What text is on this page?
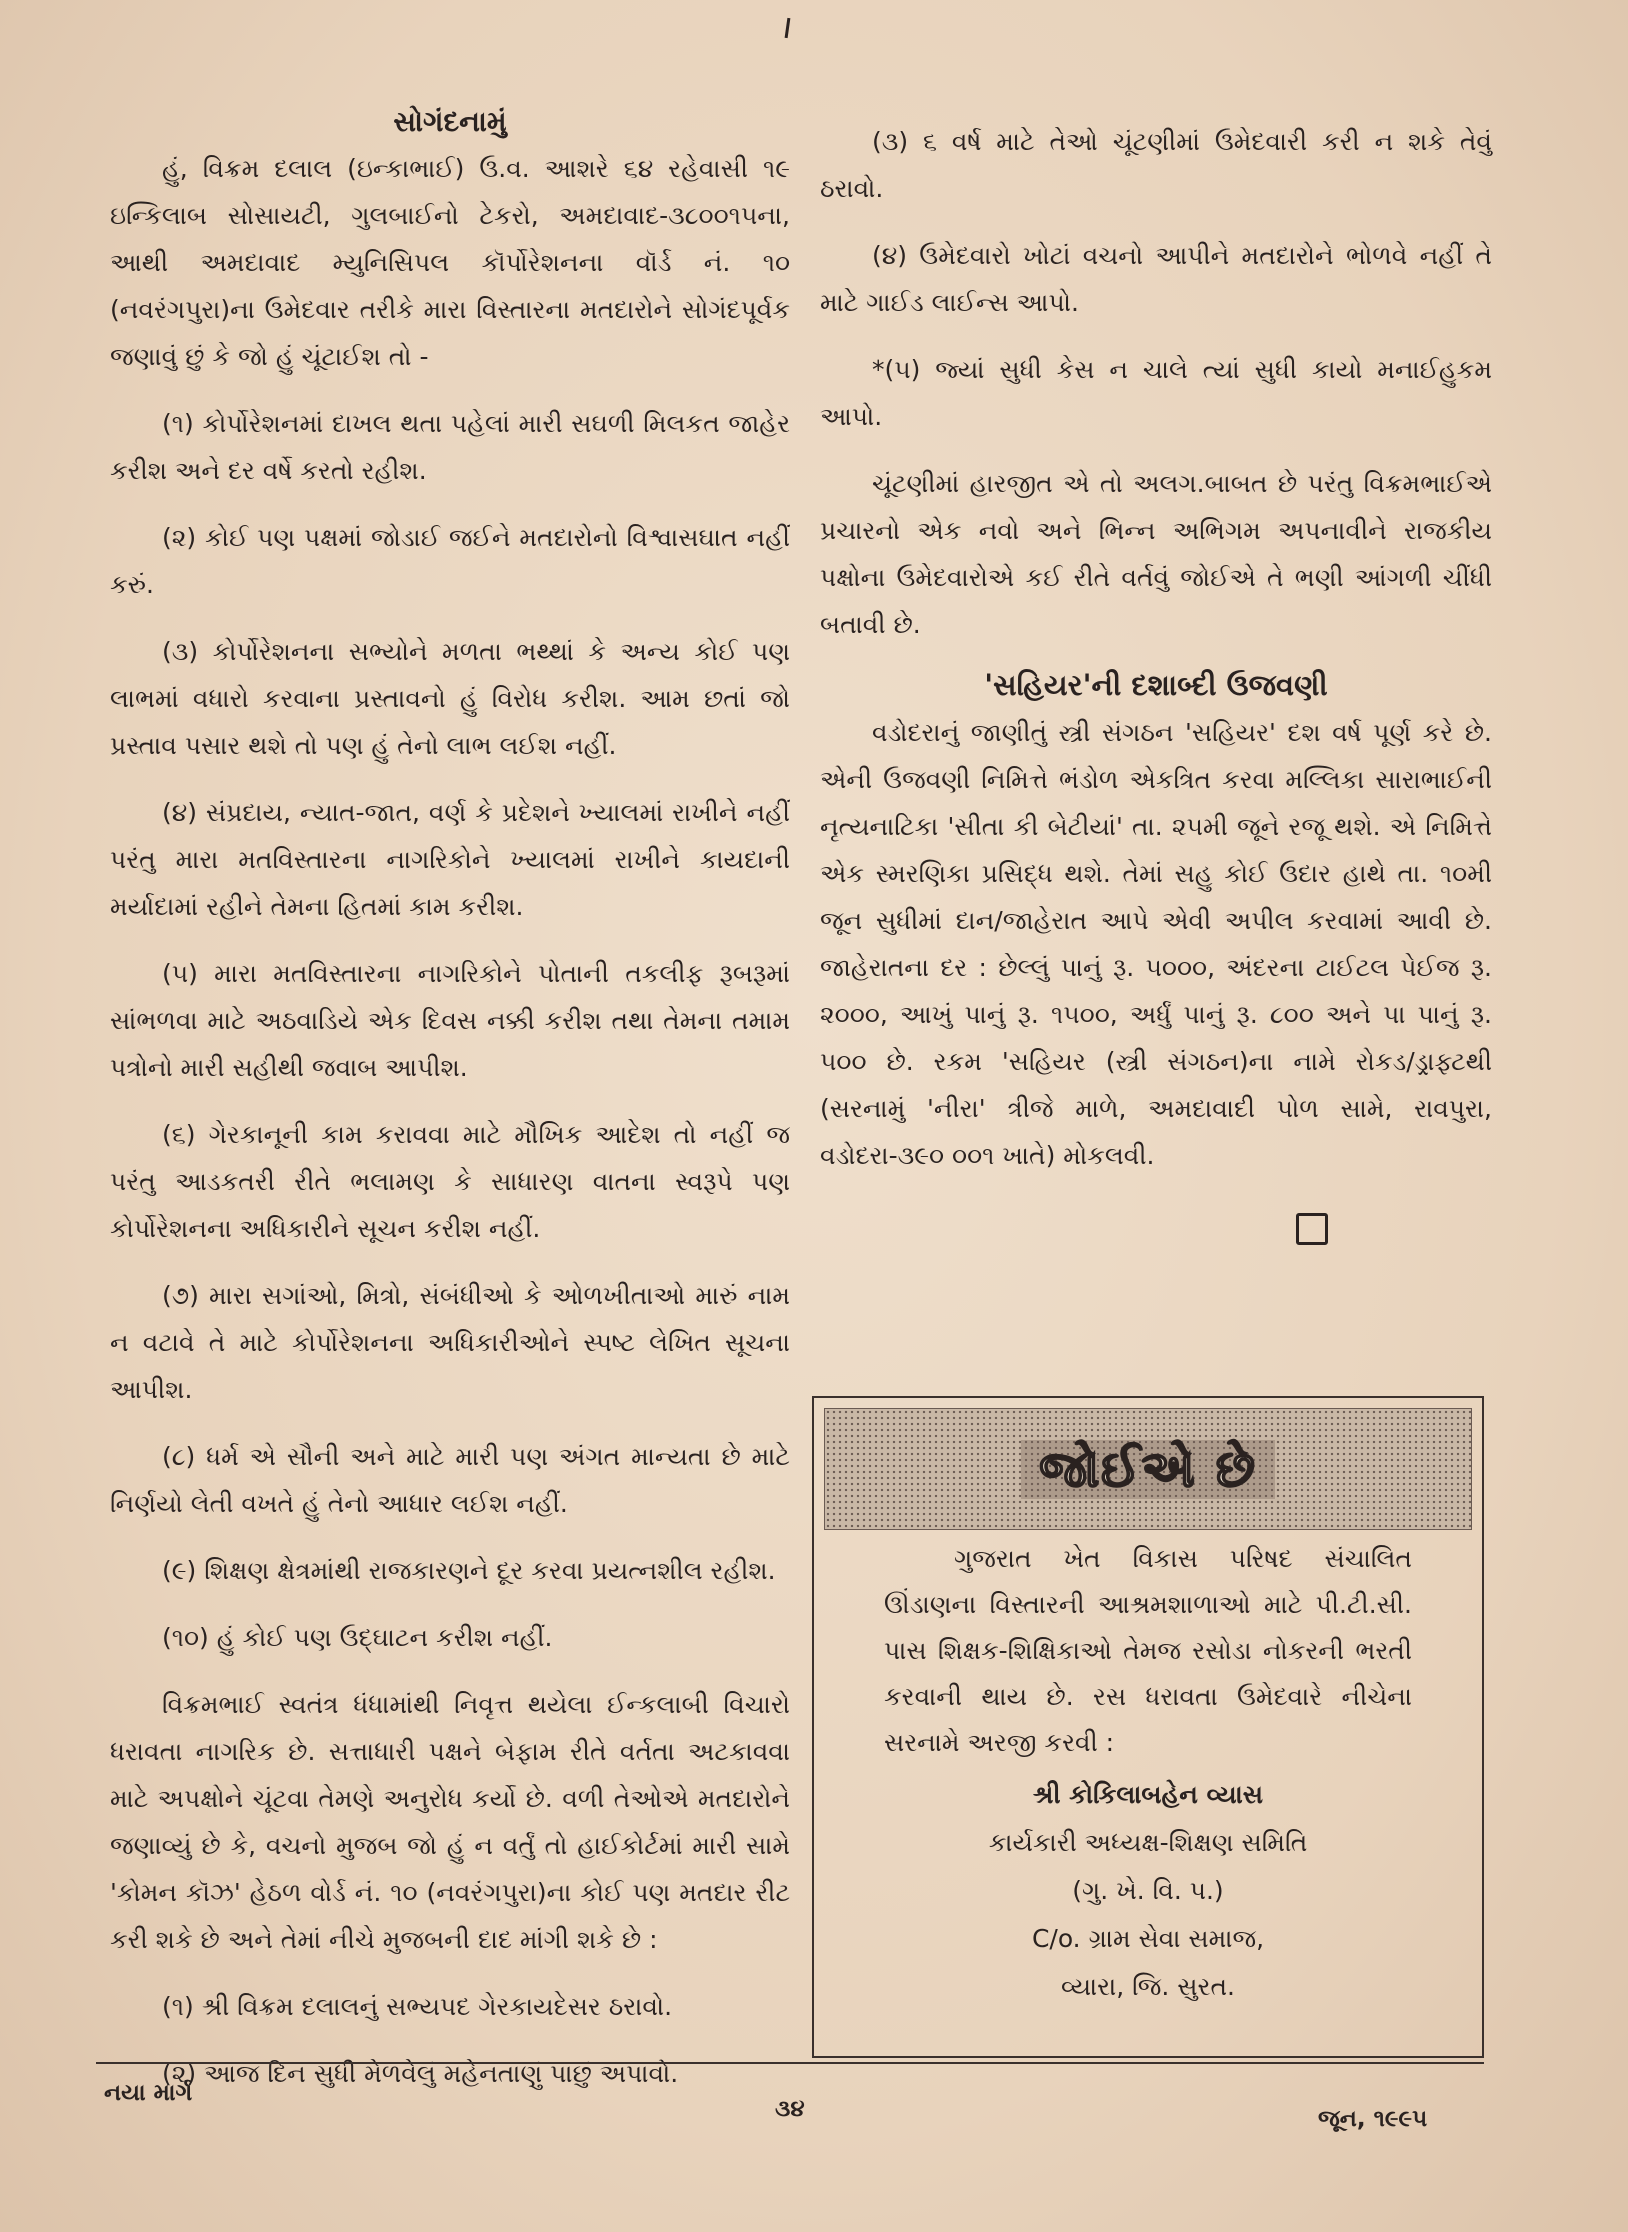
સોગંદનામું

હું, વિક્રમ દલાલ (ઇન્કાભાઈ) ઉ.વ. આશરે ૬૪ રહેવાસી ૧૯ ઇન્કિલાબ સોસાયટી, ગુલબાઈનો ટેકરો, અમદાવાદ-૩૮૦૦૧૫ના, આથી અમદાવાદ મ્યુનિસિપલ કૉર્પોરેશનના વૉર્ડ નં. ૧૦ (નવરંગપુરા)ના ઉમેદવાર તરીકે મારા વિસ્તારના મતદારોને સોગંદપૂર્વક જણાવું છું કે જો હું ચૂંટાઈશ તો -

(૧) કોર્પોરેશનમાં દાખલ થતા પહેલાં મારી સઘળી મિલકત જાહેર કરીશ અને દર વર્ષે કરતો રહીશ.

(૨) કોઈ પણ પક્ષમાં જોડાઈ જઈને મતદારોનો વિશ્વાસઘાત નહીં કરું.

(૩) કોર્પોરેશનના સભ્યોને મળતા ભથ્થાં કે અન્ય કોઈ પણ લાભમાં વધારો કરવાના પ્રસ્તાવનો હું વિરોધ કરીશ. આમ છતાં જો પ્રસ્તાવ પસાર થશે તો પણ હું તેનો લાભ લઈશ નહીં.

(૪) સંપ્રદાય, ન્યાત-જાત, વર્ણ કે પ્રદેશને ખ્યાલમાં રાખીને નહીં પરંતુ મારા મતવિસ્તારના નાગરિકોને ખ્યાલમાં રાખીને કાયદાની મર્યાદામાં રહીને તેમના હિતમાં કામ કરીશ.

(૫) મારા મતવિસ્તારના નાગરિકોને પોતાની તકલીફ રૂબરૂમાં સાંભળવા માટે અઠવાડિયે એક દિવસ નક્કી કરીશ તથા તેમના તમામ પત્રોનો મારી સહીથી જવાબ આપીશ.

(૬) ગેરકાનૂની કામ કરાવવા માટે મૌખિક આદેશ તો નહીં જ પરંતુ આડકતરી રીતે ભલામણ કે સાધારણ વાતના સ્વરૂપે પણ કોર્પોરેશનના અધિકારીને સૂચન કરીશ નહીં.

(૭) મારા સગાંઓ, મિત્રો, સંબંધીઓ કે ઓળખીતાઓ મારું નામ ન વટાવે તે માટે કોર્પોરેશનના અધિકારીઓને સ્પષ્ટ લેખિત સૂચના આપીશ.

(૮) ધર્મ એ સૌની અને માટે મારી પણ અંગત માન્યતા છે માટે નિર્ણયો લેતી વખતે હું તેનો આધાર લઈશ નહીં.

(૯) શિક્ષણ ક્ષેત્રમાંથી રાજકારણને દૂર કરવા પ્રયત્નશીલ રહીશ.

(૧૦) હું કોઈ પણ ઉદ્ઘાટન કરીશ નહીં.

વિક્રમભાઈ સ્વતંત્ર ધંધામાંથી નિવૃત્ત થયેલા ઈન્કલાબી વિચારો ધરાવતા નાગરિક છે. સત્તાધારી પક્ષને બેફામ રીતે વર્તતા અટકાવવા માટે અપક્ષોને ચૂંટવા તેમણે અનુરોધ કર્યો છે. વળી તેઓએ મતદારોને જણાવ્યું છે કે, વચનો મુજબ જો હું ન વર્તું તો હાઈકોર્ટમાં મારી સામે 'કોમન કૉઝ' હેઠળ વોર્ડ નં. ૧૦ (નવરંગપુરા)ના કોઈ પણ મતદાર રીટ કરી શકે છે અને તેમાં નીચે મુજબની દાદ માંગી શકે છે :

(૧) શ્રી વિક્રમ દલાલનું સભ્યપદ ગેરકાયદેસર ઠરાવો.

(૨) આજ દિન સુધી મેળવેલું મહેનતાણું પાછું અપાવો.

(૩) ૬ વર્ષ માટે તેઓ ચૂંટણીમાં ઉમેદવારી કરી ન શકે તેવું ઠરાવો.

(૪) ઉમેદવારો ખોટાં વચનો આપીને મતદારોને ભોળવે નહીં તે માટે ગાઈડ લાઈન્સ આપો.

*(૫) જ્યાં સુધી કેસ ન ચાલે ત્યાં સુધી કાયો મનાઈહુકમ આપો.

ચૂંટણીમાં હારજીત એ તો અલગ.બાબત છે પરંતુ વિક્રમભાઈએ પ્રચારનો એક નવો અને ભિન્ન અભિગમ અપનાવીને રાજકીય પક્ષોના ઉમેદવારોએ કઈ રીતે વર્તવું જોઈએ તે ભણી આંગળી ચીંધી બતાવી છે.

'સહિયર'ની દશાબ્દી ઉજવણી

વડોદરાનું જાણીતું સ્ત્રી સંગઠન 'સહિયર' દશ વર્ષ પૂર્ણ કરે છે. એની ઉજવણી નિમિત્તે ભંડોળ એકત્રિત કરવા મલ્લિકા સારાભાઈની નૃત્યનાટિકા 'સીતા કી બેટીયાં' તા. ૨૫મી જૂને રજૂ થશે. એ નિમિત્તે એક સ્મરણિકા પ્રસિદ્ધ થશે. તેમાં સહુ કોઈ ઉદાર હાથે તા. ૧૦મી જૂન સુધીમાં દાન/જાહેરાત આપે એવી અપીલ કરવામાં આવી છે. જાહેરાતના દર : છેલ્લું પાનું રૂ. ૫૦૦૦, અંદરના ટાઈટલ પેઈજ રૂ. ૨૦૦૦, આખું પાનું રૂ. ૧૫૦૦, અર્ધું પાનું રૂ. ૮૦૦ અને પા પાનું રૂ. ૫૦૦ છે. રકમ 'સહિયર (સ્ત્રી સંગઠન)ના નામે રોકડ/ડ્રાફ્ટથી (સરનામું 'નીરા' ત્રીજે માળે, અમદાવાદી પોળ સામે, રાવપુરા, વડોદરા-૩૯૦ ૦૦૧ ખાતે) મોકલવી.

જોઈએ છે

ગુજરાત ખેત વિકાસ પરિષદ સંચાલિત ઊંડાણના વિસ્તારની આશ્રમશાળાઓ માટે પી.ટી.સી. પાસ શિક્ષક-શિક્ષિકાઓ તેમજ રસોડા નોકરની ભરતી કરવાની થાય છે. રસ ધરાવતા ઉમેદવારે નીચેના સરનામે અરજી કરવી :

શ્રી કોકિલાબહેન વ્યાસ
કાર્યકારી અધ્યક્ષ-શિક્ષણ સમિતિ
(ગુ. ખે. વિ. પ.)
C/o. ગ્રામ સેવા સમાજ,
વ્યારા, જિ. સુરત.
નયા માર્ગ
૩૪	જૂન, ૧૯૯૫
